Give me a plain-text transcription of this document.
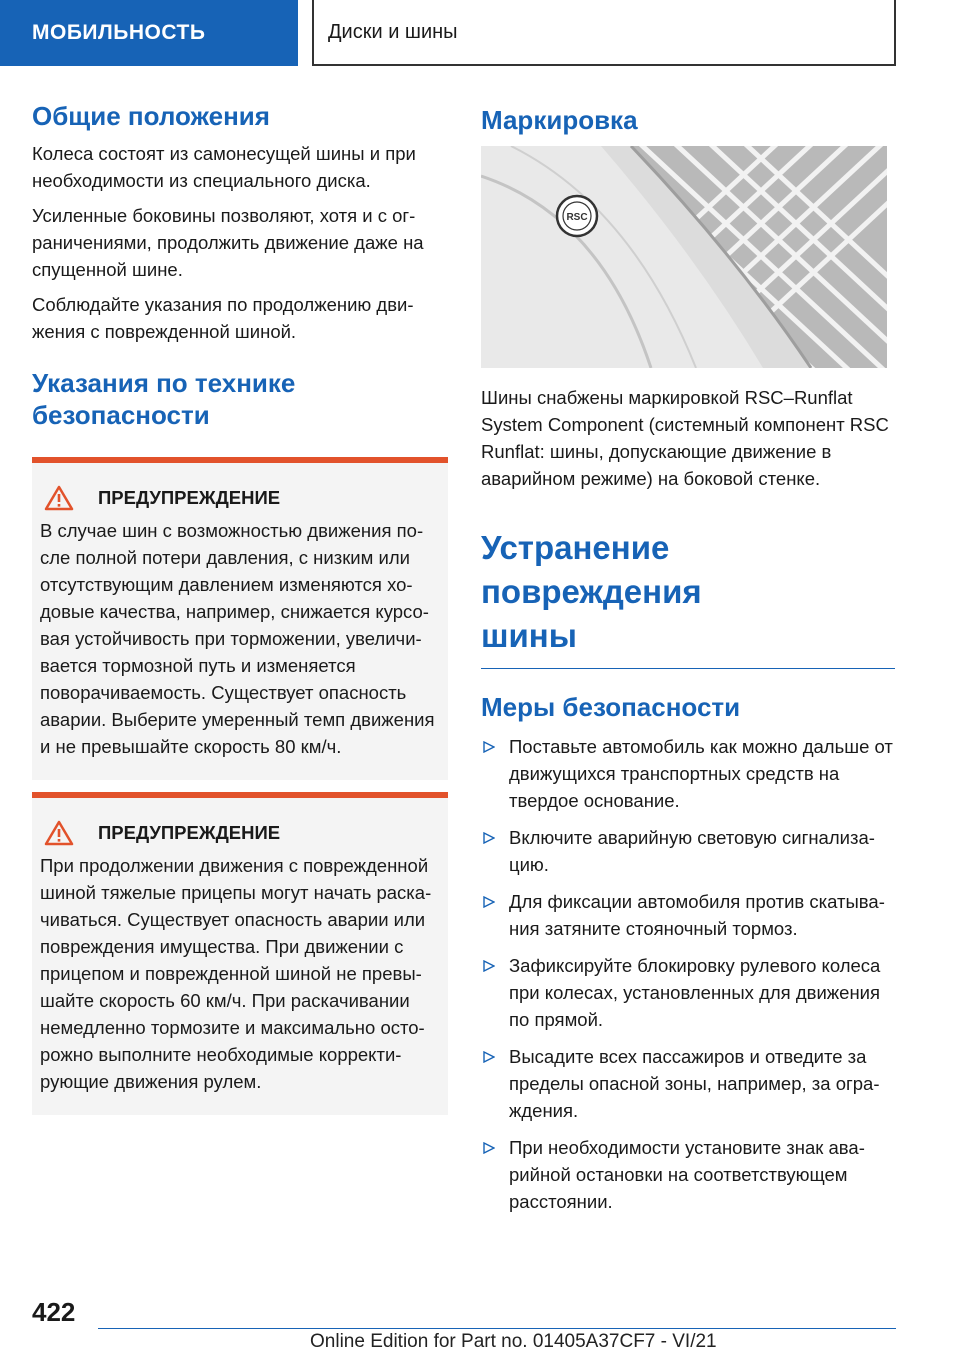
МОБИЛЬНОСТЬ	Диски и шины
Общие положения

Колеса состоят из самонесущей шины и при необходимости из специального диска.

Усиленные боковины позволяют, хотя и с ограничениями, продолжить движение даже на спущенной шине.

Соблюдайте указания по продолжению движения с поврежденной шиной.

Указания по технике
безопасности
ПРЕДУПРЕЖДЕНИЕ

В случае шин с возможностью движения после полной потери давления, с низким или отсутствующим давлением изменяются ходовые качества, например, снижается курсовая устойчивость при торможении, увеличивается тормозной путь и изменяется поворачиваемость. Существует опасность аварии. Выберите умеренный темп движения и не превышайте скорость 80 км/ч.

ПРЕДУПРЕЖДЕНИЕ

При продолжении движения с поврежденной шиной тяжелые прицепы могут начать раскачиваться. Существует опасность аварии или повреждения имущества. При движении с прицепом и поврежденной шиной не превышайте скорость 60 км/ч. При раскачивании немедленно тормозите и максимально осторожно выполните необходимые корректирующие движения рулем.

Маркировка
RSC

Шины снабжены маркировкой RSC–Runflat System Component (системный компонент RSC Runflat: шины, допускающие движение в аварийном режиме) на боковой стенке.

Устранение повреждения
шины
Меры безопасности
Поставьте автомобиль как можно дальше от движущихся транспортных средств на твердое основание.
Включите аварийную световую сигнализацию.
Для фиксации автомобиля против скатывания затяните стояночный тормоз.
Зафиксируйте блокировку рулевого колеса при колесах, установленных для движения по прямой.
Высадите всех пассажиров и отведите за пределы опасной зоны, например, за ограждения.
При необходимости установите знак аварийной остановки на соответствующем расстоянии.
422
Online Edition for Part no. 01405A37CF7 - VI/21
